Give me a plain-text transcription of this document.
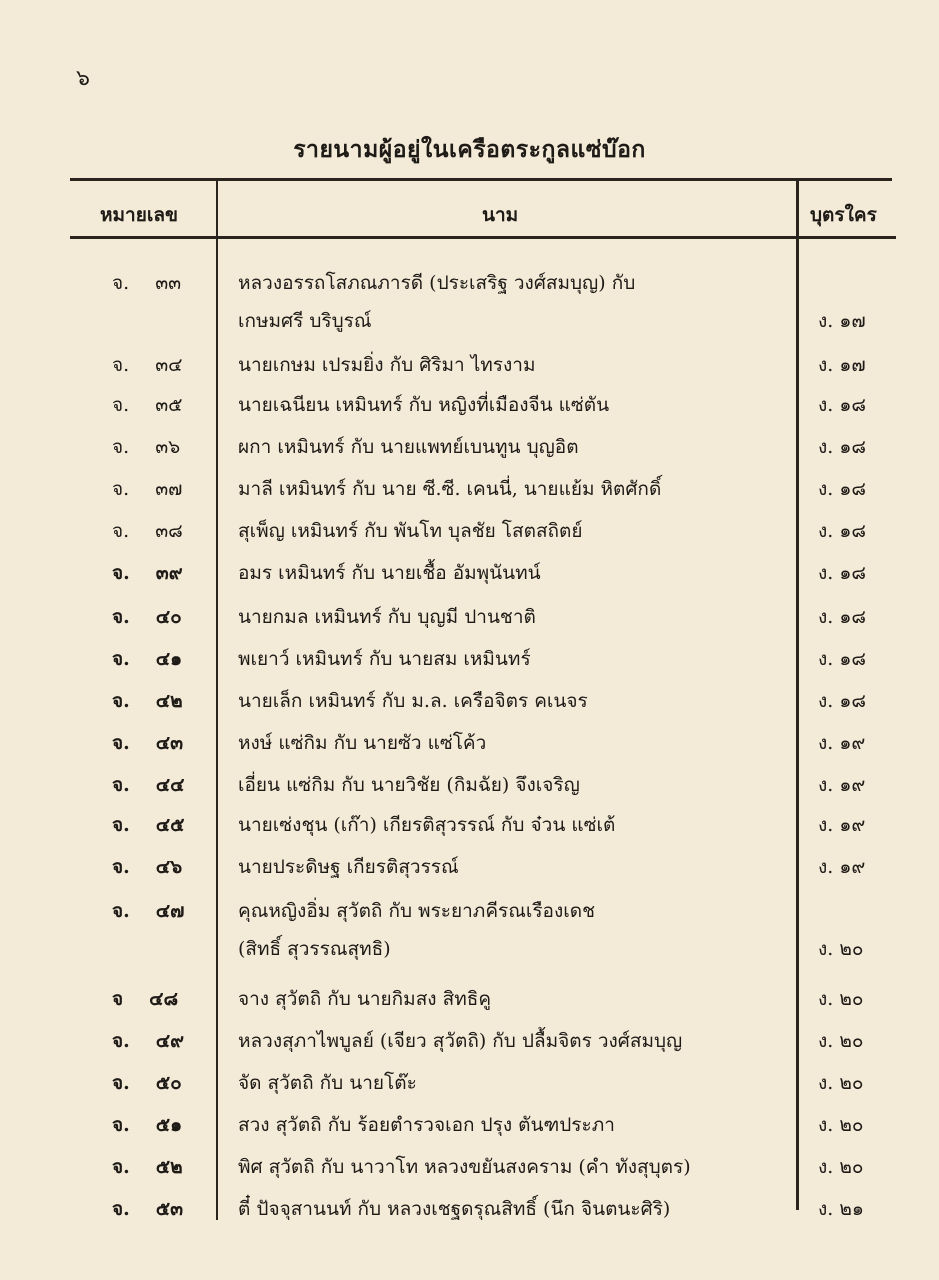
๖
รายนามผู้อยู่ในเครือตระกูลแซ่บ๊อก
หมายเลข	นาม	บุตรใคร
จ. ๓๓	หลวงอรรถโสภณภารดี (ประเสริฐ วงศ์สมบุญ) กับ
เกษมศรี บริบูรณ์	ง. ๑๗
จ. ๓๔	นายเกษม เปรมยิ่ง กับ ศิริมา ไทรงาม	ง. ๑๗
จ. ๓๕	นายเฉนียน เหมินทร์ กับ หญิงที่เมืองจีน แซ่ตัน	ง. ๑๘
จ. ๓๖	ผกา เหมินทร์ กับ นายแพทย์เบนทูน บุญอิต	ง. ๑๘
จ. ๓๗	มาลี เหมินทร์ กับ นาย ซี.ซี. เคนนี่, นายแย้ม หิตศักดิ์	ง. ๑๘
จ. ๓๘	สุเพ็ญ เหมินทร์ กับ พันโท บุลชัย โสตสถิตย์	ง. ๑๘
จ. ๓๙	อมร เหมินทร์ กับ นายเชื้อ อัมพุนันทน์	ง. ๑๘
จ. ๔๐	นายกมล เหมินทร์ กับ บุญมี ปานชาติ	ง. ๑๘
จ. ๔๑	พเยาว์ เหมินทร์ กับ นายสม เหมินทร์	ง. ๑๘
จ. ๔๒	นายเล็ก เหมินทร์ กับ ม.ล. เครือจิตร คเนจร	ง. ๑๘
จ. ๔๓	หงษ์ แซ่กิม กับ นายซัว แซ่โค้ว	ง. ๑๙
จ. ๔๔	เอี่ยน แซ่กิม กับ นายวิชัย (กิมฉัย) จึงเจริญ	ง. ๑๙
จ. ๔๕	นายเซ่งชุน (เก๊า) เกียรติสุวรรณ์ กับ จ๋วน แซ่เต้	ง. ๑๙
จ. ๔๖	นายประดิษฐ เกียรติสุวรรณ์	ง. ๑๙
จ. ๔๗	คุณหญิงอิ่ม สุวัตถิ กับ พระยาภคีรณเรืองเดช
(สิทธิ์ สุวรรณสุทธิ)	ง. ๒๐
จ ๔๘	จาง สุวัตถิ กับ นายกิมสง สิทธิคู	ง. ๒๐
จ. ๔๙	หลวงสุภาไพบูลย์ (เจียว สุวัตถิ) กับ ปลื้มจิตร วงศ์สมบุญ	ง. ๒๐
จ. ๕๐	จัด สุวัตถิ กับ นายโต๊ะ	ง. ๒๐
จ. ๕๑	สวง สุวัตถิ กับ ร้อยตำรวจเอก ปรุง ตันฑประภา	ง. ๒๐
จ. ๕๒	พิศ สุวัตถิ กับ นาวาโท หลวงขยันสงคราม (คำ ทังสุบุตร)	ง. ๒๐
จ. ๕๓	ตี๋ ปัจจุสานนท์ กับ หลวงเชฐดรุณสิทธิ์ (นึก จินตนะศิริ)	ง. ๒๑
